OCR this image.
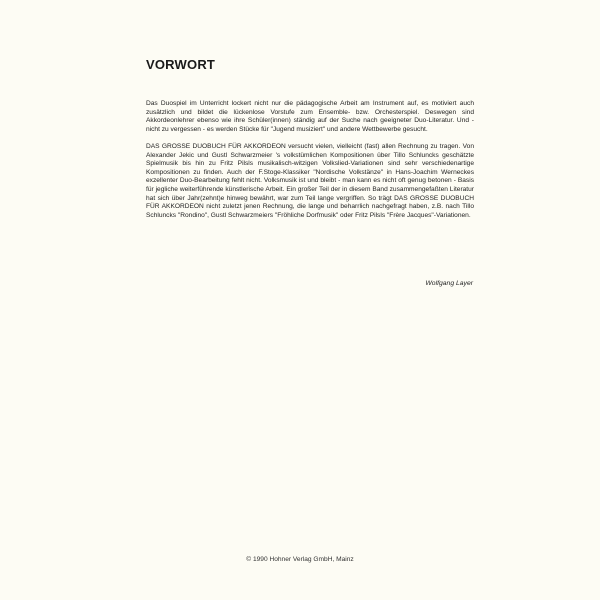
VORWORT

Das Duospiel im Unterricht lockert nicht nur die pädagogische Arbeit am Instrument auf, es motiviert auch zusätzlich und bildet die lückenlose Vorstufe zum Ensemble- bzw. Orchesterspiel. Deswegen sind Akkordeonlehrer ebenso wie ihre Schüler(innen) ständig auf der Suche nach geeigneter Duo-Literatur. Und - nicht zu vergessen - es werden Stücke für "Jugend musiziert" und andere Wettbewerbe gesucht.

DAS GROSSE DUOBUCH FÜR AKKORDEON versucht vielen, vielleicht (fast) allen Rechnung zu tragen. Von Alexander Jekic und Gustl Schwarzmeier 's volkstümlichen Kompositionen über Tillo Schluncks geschätzte Spielmusik bis hin zu Fritz Pilsls musikalisch-witzigen Volkslied-Variationen sind sehr verschiedenartige Kompositionen zu finden. Auch der F.Stoge-Klassiker "Nordische Volkstänze" in Hans-Joachim Werneckes exzellenter Duo-Bearbeitung fehlt nicht. Volksmusik ist und bleibt - man kann es nicht oft genug betonen - Basis für jegliche weiterführende künstlerische Arbeit. Ein großer Teil der in diesem Band zusammengefaßten Literatur hat sich über Jahr(zehnt)e hinweg bewährt, war zum Teil lange vergriffen. So trägt DAS GROSSE DUOBUCH FÜR AKKORDEON nicht zuletzt jenen Rechnung, die lange und beharrlich nachgefragt haben, z.B. nach Tillo Schluncks "Rondino", Gustl Schwarzmeiers "Fröhliche Dorfmusik" oder Fritz Pilsls "Frère Jacques"-Variationen.

Wolfgang Layer

© 1990 Hohner Verlag GmbH, Mainz
